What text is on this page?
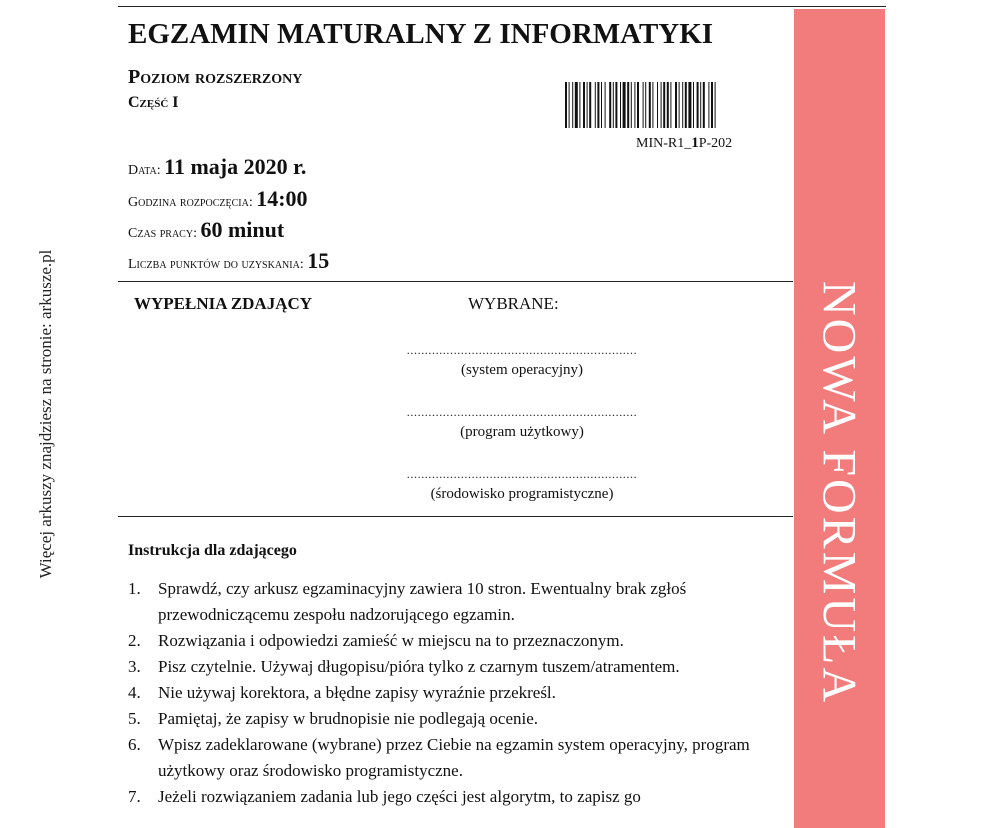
Więcej arkuszy znajdziesz na stronie: arkusze.pl
EGZAMIN MATURALNY Z INFORMATYKI
Poziom rozszerzony
Część I
MIN-R1_1P-202
Data: 11 maja 2020 r.
Godzina rozpoczęcia: 14:00
Czas pracy: 60 minut
Liczba punktów do uzyskania: 15
WYPEŁNIA ZDAJĄCY	WYBRANE:
................................................................
(system operacyjny)
................................................................
(program użytkowy)
................................................................
(środowisko programistyczne)
Instrukcja dla zdającego
1. Sprawdź, czy arkusz egzaminacyjny zawiera 10 stron. Ewentualny brak zgłoś przewodniczącemu zespołu nadzorującego egzamin.
2. Rozwiązania i odpowiedzi zamieść w miejscu na to przeznaczonym.
3. Pisz czytelnie. Używaj długopisu/pióra tylko z czarnym tuszem/atramentem.
4. Nie używaj korektora, a błędne zapisy wyraźnie przekreśl.
5. Pamiętaj, że zapisy w brudnopisie nie podlegają ocenie.
6. Wpisz zadeklarowane (wybrane) przez Ciebie na egzamin system operacyjny, program użytkowy oraz środowisko programistyczne.
7. Jeżeli rozwiązaniem zadania lub jego części jest algorytm, to zapisz go
NOWA FORMUŁA
